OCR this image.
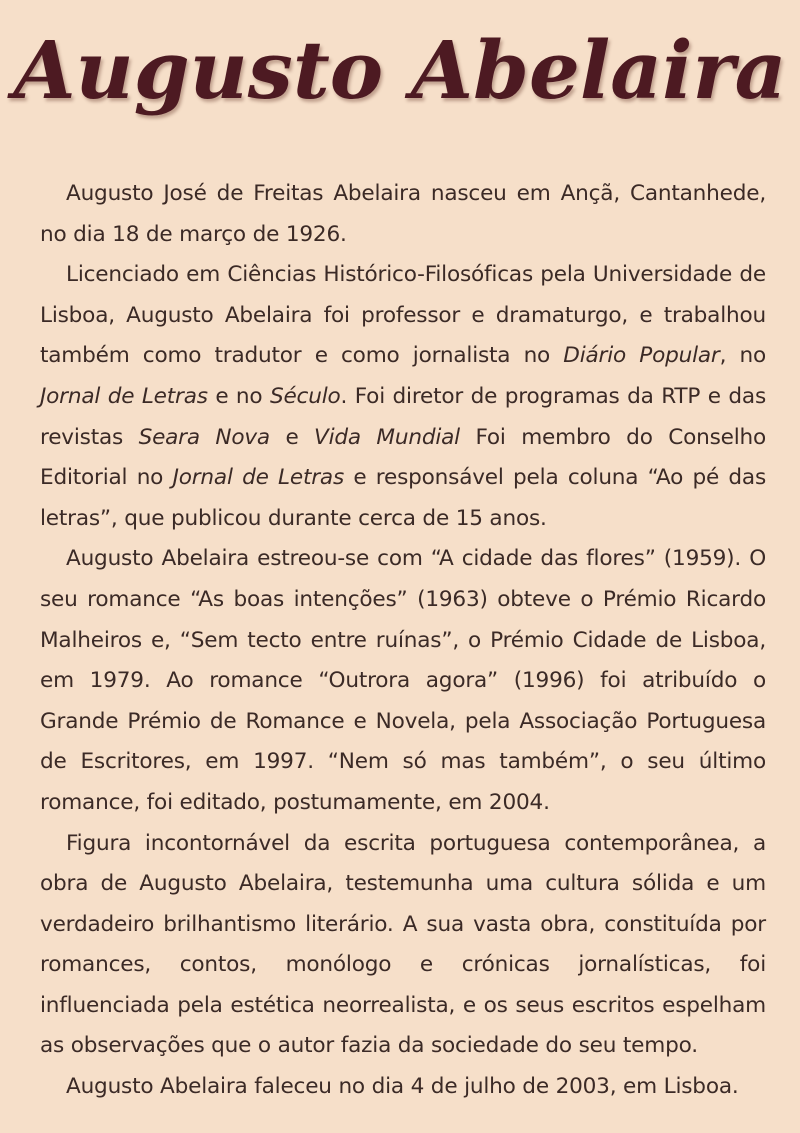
Augusto Abelaira

Augusto José de Freitas Abelaira nasceu em Ançã, Cantanhede, no dia 18 de março de 1926.

Licenciado em Ciências Histórico-Filosóficas pela Universidade de Lisboa, Augusto Abelaira foi professor e dramaturgo, e trabalhou também como tradutor e como jornalista no Diário Popular, no Jornal de Letras e no Século. Foi diretor de programas da RTP e das revistas Seara Nova e Vida Mundial Foi membro do Conselho Editorial no Jornal de Letras e responsável pela coluna “Ao pé das letras”, que publicou durante cerca de 15 anos.

Augusto Abelaira estreou-se com “A cidade das flores” (1959). O seu romance “As boas intenções” (1963) obteve o Prémio Ricardo Malheiros e, “Sem tecto entre ruínas”, o Prémio Cidade de Lisboa, em 1979. Ao romance “Outrora agora” (1996) foi atribuído o Grande Prémio de Romance e Novela, pela Associação Portuguesa de Escritores, em 1997. “Nem só mas também”, o seu último romance, foi editado, postumamente, em 2004.

Figura incontornável da escrita portuguesa contemporânea, a obra de Augusto Abelaira, testemunha uma cultura sólida e um verdadeiro brilhantismo literário. A sua vasta obra, constituída por romances, contos, monólogo e crónicas jornalísticas, foi influenciada pela estética neorrealista, e os seus escritos espelham as observações que o autor fazia da sociedade do seu tempo.

Augusto Abelaira faleceu no dia 4 de julho de 2003, em Lisboa.
